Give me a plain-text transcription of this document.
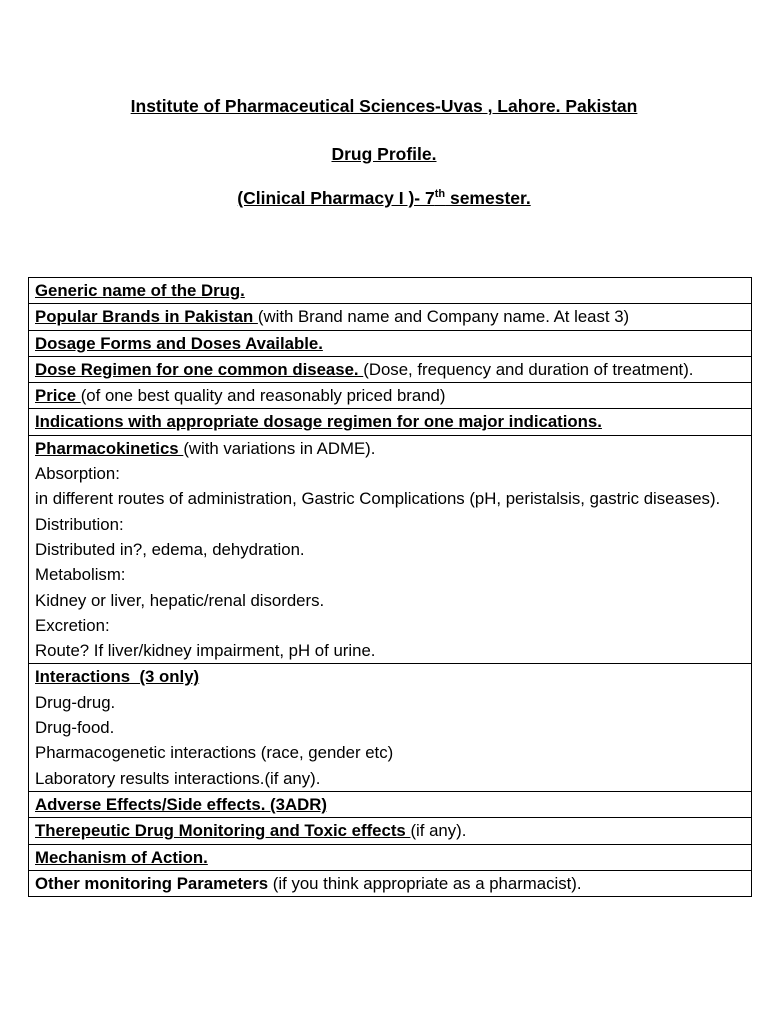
Institute of Pharmaceutical Sciences-Uvas , Lahore. Pakistan
Drug Profile.
(Clinical Pharmacy I )- 7th semester.
Generic name of the Drug.
Popular Brands in Pakistan (with Brand name and Company name. At least 3)
Dosage Forms and Doses Available.
Dose Regimen for one common disease. (Dose, frequency and duration of treatment).
Price (of one best quality and reasonably priced brand)
Indications with appropriate dosage regimen for one major indications.
Pharmacokinetics (with variations in ADME).
Absorption:
in different routes of administration, Gastric Complications (pH, peristalsis, gastric diseases).
Distribution:
Distributed in?, edema, dehydration.
Metabolism:
Kidney or liver, hepatic/renal disorders.
Excretion:
Route? If liver/kidney impairment, pH of urine.

Interactions  (3 only)
Drug-drug.
Drug-food.
Pharmacogenetic interactions (race, gender etc)
Laboratory results interactions.(if any).

Adverse Effects/Side effects. (3ADR)
Therepeutic Drug Monitoring and Toxic effects (if any).
Mechanism of Action.
Other monitoring Parameters (if you think appropriate as a pharmacist).
